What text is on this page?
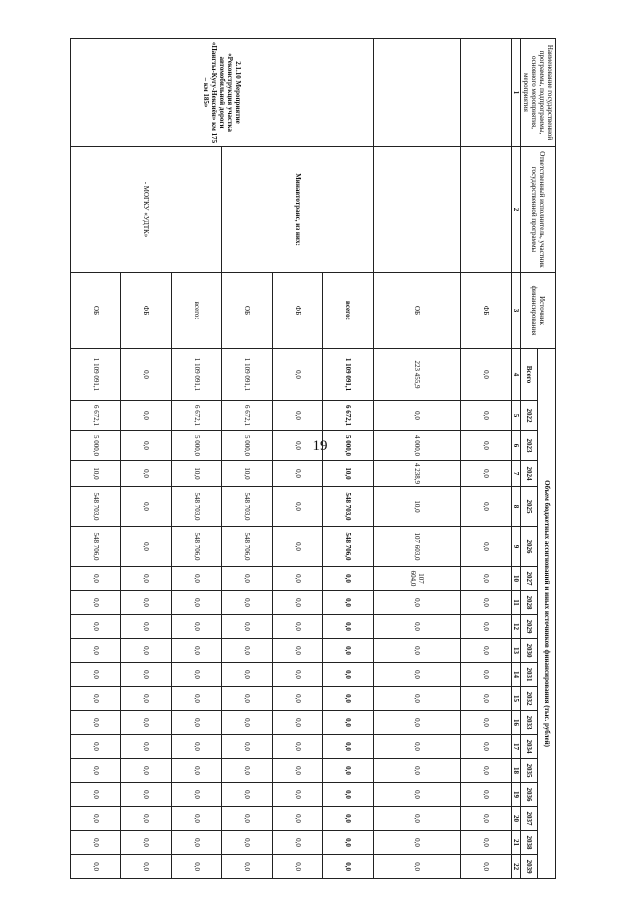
19
Наименование государственной программы, подпрограммы, основного мероприятия, мероприятия	Ответственный исполнитель, участник государственной программы	Источник финансирования	Объем бюджетных ассигнований и иных источников финансирования (тыс. рублей)																		
			Всего	2022	2023	2024	2025	2026	2027	2028	2029	2030	2031	2032	2033	2034	2035	2036	2037	2038	2039
1	2	3	4	5	6	7	8	9	10	11	12	13	14	15	16	17	18	19	20	21	22
		ФБ	0,0	0,0	0,0	0,0	0,0	0,0	0,0	0,0	0,0	0,0	0,0	0,0	0,0	0,0	0,0	0,0	0,0	0,0	0,0
		ОБ	223 455,9	0,0	4 000,0	4 238,9	10,0	107 603,0	107 604,0	0,0	0,0	0,0	0,0	0,0	0,0	0,0	0,0	0,0	0,0	0,0	0,0
2.1.10 Мероприятие «Реконструкция участка автомобильной дороги «Пангты-Кугу-Нексиён» км 175 – км 185»	Минавтотранс, из них:	всего:	1 109 091,1	6 672,1	5 000,0	10,0	548 703,0	548 706,0	0,0	0,0	0,0	0,0	0,0	0,0	0,0	0,0	0,0	0,0	0,0	0,0	0,0
		ФБ	0,0	0,0	0,0	0,0	0,0	0,0	0,0	0,0	0,0	0,0	0,0	0,0	0,0	0,0	0,0	0,0	0,0	0,0	0,0
		ОБ	1 109 091,1	6 672,1	5 000,0	10,0	548 703,0	548 706,0	0,0	0,0	0,0	0,0	0,0	0,0	0,0	0,0	0,0	0,0	0,0	0,0	0,0
	- МОГКУ «УДТК»	всего:	1 109 091,1	6 672,1	5 000,0	10,0	548 703,0	548 706,0	0,0	0,0	0,0	0,0	0,0	0,0	0,0	0,0	0,0	0,0	0,0	0,0	0,0
		ФБ	0,0	0,0	0,0	0,0	0,0	0,0	0,0	0,0	0,0	0,0	0,0	0,0	0,0	0,0	0,0	0,0	0,0	0,0	0,0
		ОБ	1 109 091,1	6 672,1	5 000,0	10,0	548 703,0	548 706,0	0,0	0,0	0,0	0,0	0,0	0,0	0,0	0,0	0,0	0,0	0,0	0,0	0,0
